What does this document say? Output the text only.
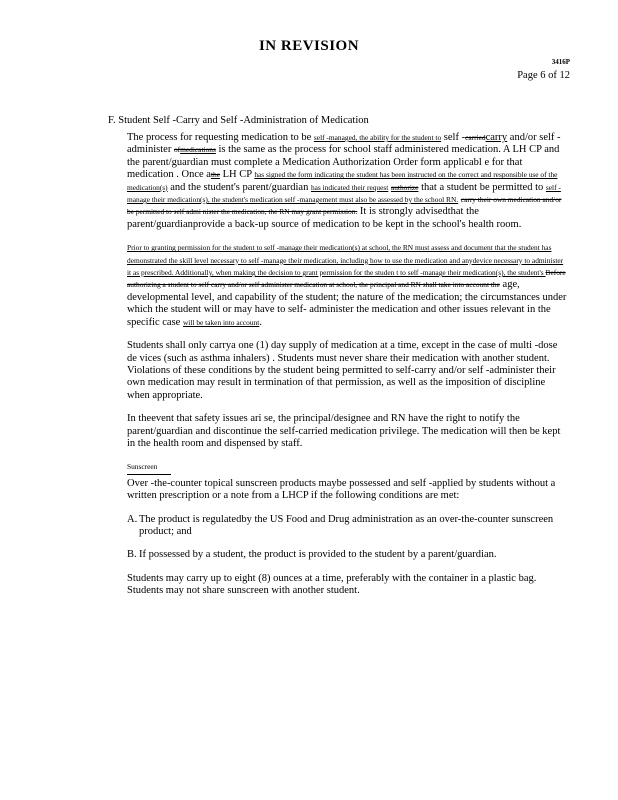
IN REVISION
3416P
Page 6 of 12
F. Student Self -Carry and Self -Administration of Medication

The process for requesting medication to be self -managed, the ability for the student to self -carriedcarry and/or self -administer ofmedications is the same as the process for school staff administered medication. A LH CP and the parent/guardian must complete a Medication Authorization Order form applicabl e for that medication . Once athe LH CP has signed the form indicating the student has been instructed on the correct and responsible use of the medication(s) and the student's parent/guardian has indicated their request authorize that a student be permitted to self -manage their medication(s), the student's medication self -management must also be assessed by the school RN. carry their own medication and/or be permitted to self admi nister the medication, the RN may grant permission. It is strongly advisedthat the parent/guardianprovide a back-up source of medication to be kept in the school's health room.

Prior to granting permission for the student to self -manage their medication(s) at school, the RN must assess and document that the student has demonstrated the skill level necessary to self -manage their medication, including how to use the medication and anydevice necessary to administer it as prescribed. Additionally, when making the decision to grant permission for the studen t to self -manage their medication(s), the student's Before authorizing a student to self carry and/or self administer medication at school, the principal and RN shall take into account the age, developmental level, and capability of the student; the nature of the medication; the circumstances under which the student will or may have to self- administer the medication and other issues relevant in the specific case will be taken into account.

Students shall only carrya one (1) day supply of medication at a time, except in the case of multi -dose de vices (such as asthma inhalers) . Students must never share their medication with another student. Violations of these conditions by the student being permitted to self-carry and/or self -administer their own medication may result in termination of that permission, as well as the imposition of discipline when appropriate.

In theevent that safety issues ari se, the principal/designee and RN have the right to notify the parent/guardian and discontinue the self-carried medication privilege. The medication will then be kept in the health room and dispensed by staff.

Sunscreen

Over -the-counter topical sunscreen products maybe possessed and self -applied by students without a written prescription or a note from a LHCP if the following conditions are met:

A. The product is regulatedby the US Food and Drug administration as an over-the-counter sunscreen product; and
B. If possessed by a student, the product is provided to the student by a parent/guardian.

Students may carry up to eight (8) ounces at a time, preferably with the container in a plastic bag. Students may not share sunscreen with another student.
